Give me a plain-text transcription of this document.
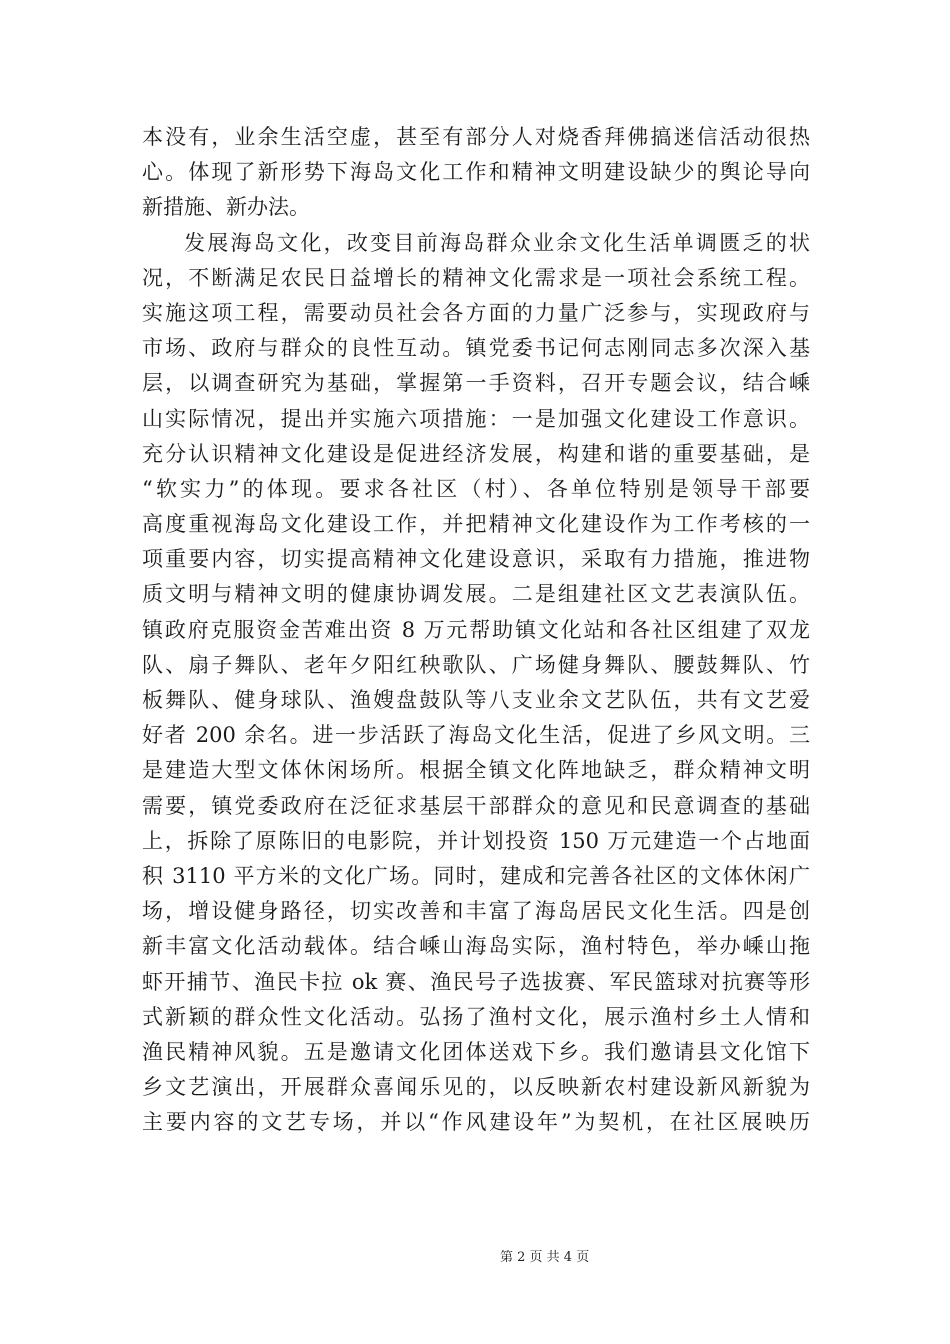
本没有，业余生活空虚，甚至有部分人对烧香拜佛搞迷信活动很热
心。体现了新形势下海岛文化工作和精神文明建设缺少的舆论导向
新措施、新办法。
发展海岛文化，改变目前海岛群众业余文化生活单调匮乏的状
况，不断满足农民日益增长的精神文化需求是一项社会系统工程。
实施这项工程，需要动员社会各方面的力量广泛参与，实现政府与
市场、政府与群众的良性互动。镇党委书记何志刚同志多次深入基
层，以调查研究为基础，掌握第一手资料，召开专题会议，结合嵊
山实际情况，提出并实施六项措施：一是加强文化建设工作意识。
充分认识精神文化建设是促进经济发展，构建和谐的重要基础，是
“软实力”的体现。要求各社区（村）、各单位特别是领导干部要
高度重视海岛文化建设工作，并把精神文化建设作为工作考核的一
项重要内容，切实提高精神文化建设意识，采取有力措施，推进物
质文明与精神文明的健康协调发展。二是组建社区文艺表演队伍。
镇政府克服资金苦难出资 8 万元帮助镇文化站和各社区组建了双龙
队、扇子舞队、老年夕阳红秧歌队、广场健身舞队、腰鼓舞队、竹
板舞队、健身球队、渔嫂盘鼓队等八支业余文艺队伍，共有文艺爱
好者 200 余名。进一步活跃了海岛文化生活，促进了乡风文明。三
是建造大型文体休闲场所。根据全镇文化阵地缺乏，群众精神文明
需要，镇党委政府在泛征求基层干部群众的意见和民意调查的基础
上，拆除了原陈旧的电影院，并计划投资 150 万元建造一个占地面
积 3110 平方米的文化广场。同时，建成和完善各社区的文体休闲广
场，增设健身路径，切实改善和丰富了海岛居民文化生活。四是创
新丰富文化活动载体。结合嵊山海岛实际，渔村特色，举办嵊山拖
虾开捕节、渔民卡拉 ok 赛、渔民号子选拔赛、军民篮球对抗赛等形
式新颖的群众性文化活动。弘扬了渔村文化，展示渔村乡土人情和
渔民精神风貌。五是邀请文化团体送戏下乡。我们邀请县文化馆下
乡文艺演出，开展群众喜闻乐见的，以反映新农村建设新风新貌为
主要内容的文艺专场，并以“作风建设年”为契机，在社区展映历
第 2 页 共 4 页
